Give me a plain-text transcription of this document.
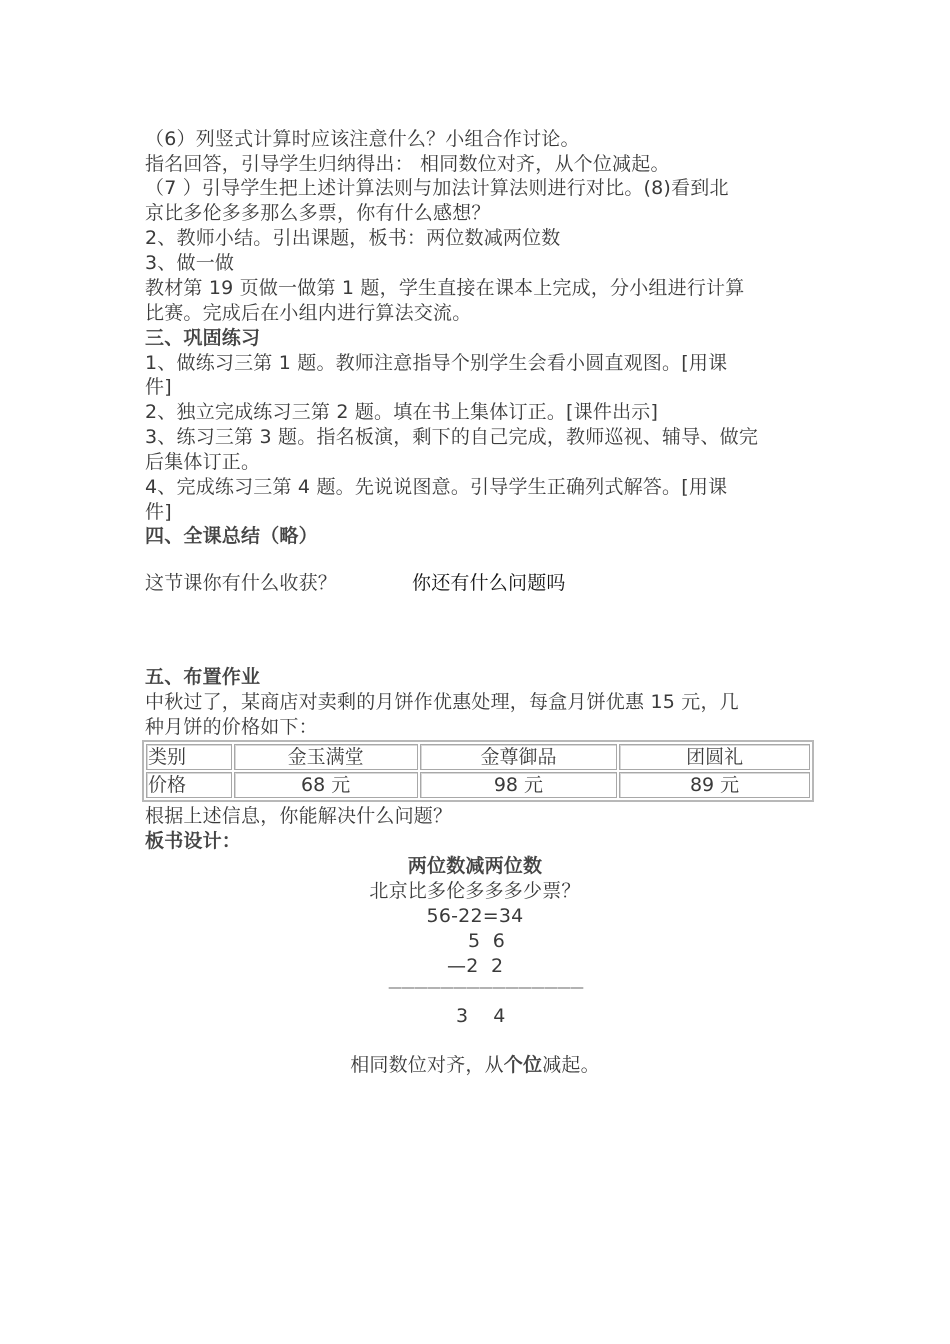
（6）列竖式计算时应该注意什么？小组合作讨论。
指名回答，引导学生归纳得出： 相同数位对齐，从个位减起。
（7 ）引导学生把上述计算法则与加法计算法则进行对比。(8)看到北
京比多伦多多那么多票，你有什么感想？
2、教师小结。引出课题，板书：两位数减两位数
3、做一做
教材第 19 页做一做第 1 题，学生直接在课本上完成，分小组进行计算
比赛。完成后在小组内进行算法交流。
三、巩固练习
1、做练习三第 1 题。教师注意指导个别学生会看小圆直观图。[用课
件]
2、独立完成练习三第 2 题。填在书上集体订正。[课件出示]
3、练习三第 3 题。指名板演，剩下的自己完成，教师巡视、辅导、做完
后集体订正。
4、完成练习三第 4 题。先说说图意。引导学生正确列式解答。[用课
件]
四、全课总结（略）
这节课你有什么收获？	你还有什么问题吗
五、布置作业
中秋过了，某商店对卖剩的月饼作优惠处理，每盒月饼优惠 15 元，几
种月饼的价格如下：
类别	金玉满堂	金尊御品	团圆礼
价格	68 元	98 元	89 元
根据上述信息，你能解决什么问题？
板书设计：
两位数减两位数
北京比多伦多多多少票？
56-22=34
5  6
—2  2
———————————————
3    4
相同数位对齐，从个位减起。
